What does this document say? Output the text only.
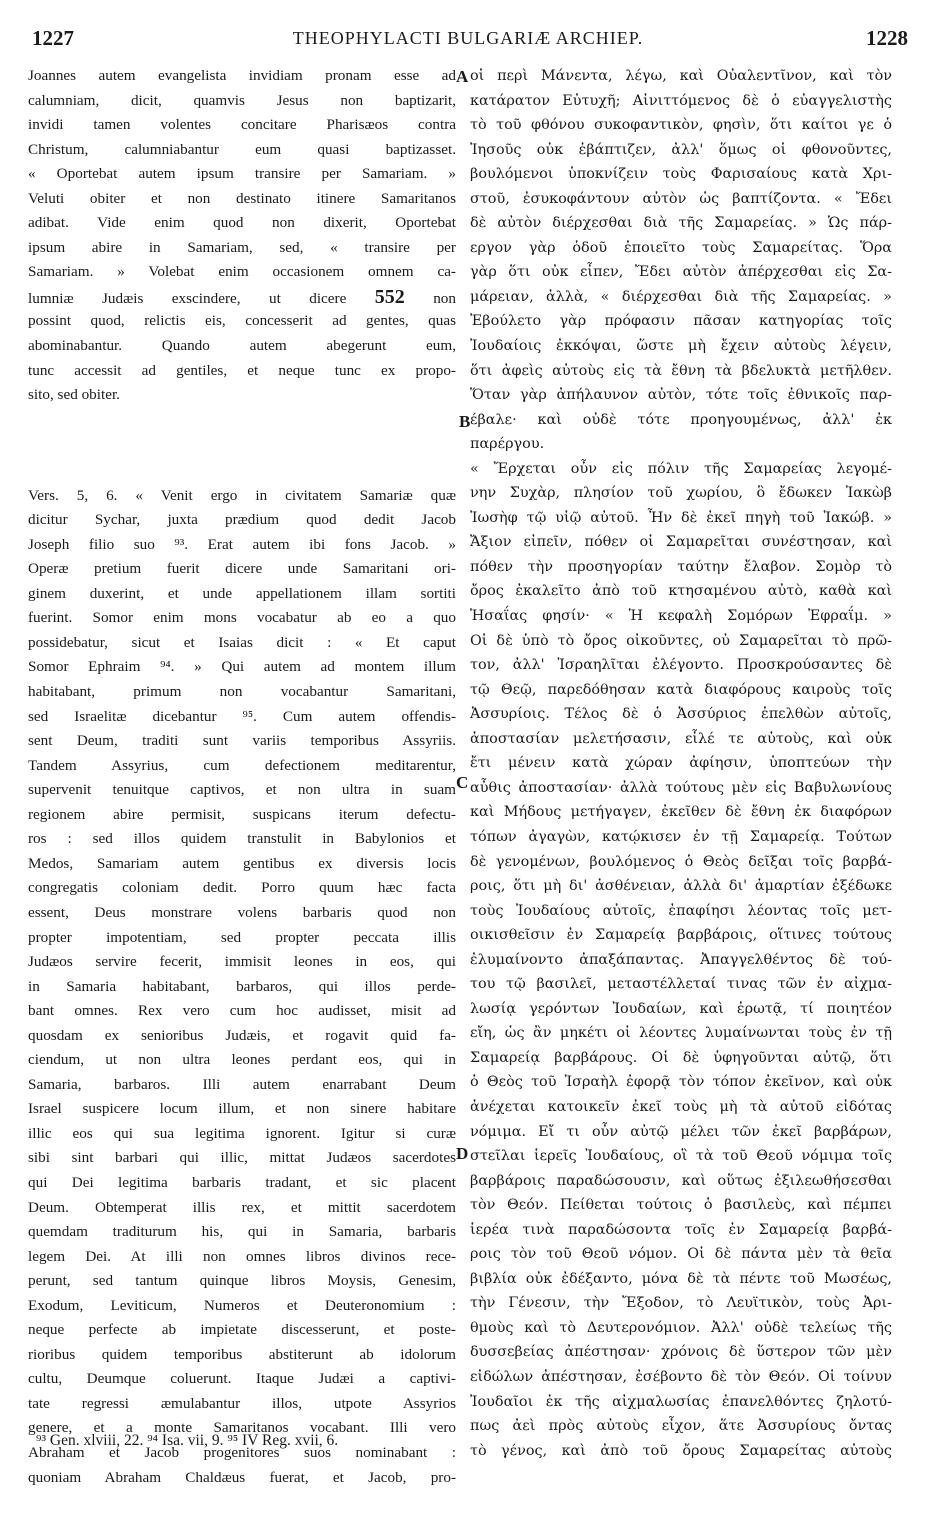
1227	THEOPHYLACTI BULGARIÆ ARCHIEP.	1228
Joannes autem evangelista invidiam pronam esse ad
calumniam, dicit, quamvis Jesus non baptizarit,
invidi tamen volentes concitare Pharisæos contra
Christum, calumniabantur eum quasi baptizasset.
« Oportebat autem ipsum transire per Samariam. »
Veluti obiter et non destinato itinere Samaritanos
adibat. Vide enim quod non dixerit, Oportebat
ipsum abire in Samariam, sed, « transire per
Samariam. » Volebat enim occasionem omnem ca-
lumniæ Judæis exscindere, ut dicere 552 non
possint quod, relictis eis, concesserit ad gentes, quas
abominabantur. Quando autem abegerunt eum,
tunc accessit ad gentiles, et neque tunc ex propo-
sito, sed obiter.
Vers. 5, 6. « Venit ergo in civitatem Samariæ quæ
dicitur Sychar, juxta prædium quod dedit Jacob
Joseph filio suo ⁹³. Erat autem ibi fons Jacob. »
Operæ pretium fuerit dicere unde Samaritani ori-
ginem duxerint, et unde appellationem illam sortiti
fuerint. Somor enim mons vocabatur ab eo a quo
possidebatur, sicut et Isaias dicit : « Et caput
Somor Ephraim ⁹⁴. » Qui autem ad montem illum
habitabant, primum non vocabantur Samaritani,
sed Israelitæ dicebantur ⁹⁵. Cum autem offendis-
sent Deum, traditi sunt variis temporibus Assyriis.
Tandem Assyrius, cum defectionem meditarentur,
supervenit tenuitque captivos, et non ultra in suam
regionem abire permisit, suspicans iterum defectu-
ros : sed illos quidem transtulit in Babylonios et
Medos, Samariam autem gentibus ex diversis locis
congregatis coloniam dedit. Porro quum hæc facta
essent, Deus monstrare volens barbaris quod non
propter impotentiam, sed propter peccata illis
Judæos servire fecerit, immisit leones in eos, qui
in Samaria habitabant, barbaros, qui illos perde-
bant omnes. Rex vero cum hoc audisset, misit ad
quosdam ex senioribus Judæis, et rogavit quid fa-
ciendum, ut non ultra leones perdant eos, qui in
Samaria, barbaros. Illi autem enarrabant Deum
Israel suspicere locum illum, et non sinere habitare
illic eos qui sua legitima ignorent. Igitur si curæ
sibi sint barbari qui illic, mittat Judæos sacerdotes
qui Dei legitima barbaris tradant, et sic placent
Deum. Obtemperat illis rex, et mittit sacerdotem
quemdam traditurum his, qui in Samaria, barbaris
legem Dei. At illi non omnes libros divinos rece-
perunt, sed tantum quinque libros Moysis, Genesim,
Exodum, Leviticum, Numeros et Deuteronomium :
neque perfecte ab impietate discesserunt, et poste-
rioribus quidem temporibus abstiterunt ab idolorum
cultu, Deumque coluerunt. Itaque Judæi a captivi-
tate regressi æmulabantur illos, utpote Assyrios
genere, et a monte Samaritanos vocabant. Illi vero
Abraham et Jacob progenitores suos nominabant :
quoniam Abraham Chaldæus fuerat, et Jacob, pro-
οἱ περὶ Μάνεντα, λέγω, καὶ Οὐαλεντῖνον, καὶ τὸν
κατάρατον Εὐτυχῆ; Αἰνιττόμενος δὲ ὁ εὐαγγελιστὴς
τὸ τοῦ φθόνου συκοφαντικὸν, φησὶν, ὅτι καίτοι γε ὁ
Ἰησοῦς οὐκ ἐβάπτιζεν, ἀλλ' ὅμως οἱ φθονοῦντες,
βουλόμενοι ὑποκνίζειν τοὺς Φαρισαίους κατὰ Χρι-
στοῦ, ἐσυκοφάντουν αὐτὸν ὡς βαπτίζοντα. « Ἔδει
δὲ αὐτὸν διέρχεσθαι διὰ τῆς Σαμαρείας. » Ὡς πάρ-
εργον γὰρ ὁδοῦ ἐποιεῖτο τοὺς Σαμαρείτας. Ὅρα
γὰρ ὅτι οὐκ εἶπεν, Ἔδει αὐτὸν ἀπέρχεσθαι εἰς Σα-
μάρειαν, ἀλλὰ, « διέρχεσθαι διὰ τῆς Σαμαρείας. »
Ἐβούλετο γὰρ πρόφασιν πᾶσαν κατηγορίας τοῖς
Ἰουδαίοις ἐκκόψαι, ὥστε μὴ ἔχειν αὐτοὺς λέγειν,
ὅτι ἀφεὶς αὐτοὺς εἰς τὰ ἔθνη τὰ βδελυκτὰ μετῆλθεν.
Ὅταν γὰρ ἀπήλαυνον αὐτὸν, τότε τοῖς ἐθνικοῖς παρ-
έβαλε· καὶ οὐδὲ τότε προηγουμένως, ἀλλ' ἐκ
παρέργου.
« Ἔρχεται οὖν εἰς πόλιν τῆς Σαμαρείας λεγομέ-
νην Συχὰρ, πλησίον τοῦ χωρίου, ὃ ἔδωκεν Ἰακὼβ
Ἰωσὴφ τῷ υἱῷ αὐτοῦ. Ἦν δὲ ἐκεῖ πηγὴ τοῦ Ἰακώβ. »
Ἄξιον εἰπεῖν, πόθεν οἱ Σαμαρεῖται συνέστησαν, καὶ
πόθεν τὴν προσηγορίαν ταύτην ἔλαβον. Σομὸρ τὸ
ὄρος ἐκαλεῖτο ἀπὸ τοῦ κτησαμένου αὐτὸ, καθὰ καὶ
Ἡσαΐας φησίν· « Ἡ κεφαλὴ Σομόρων Ἐφραΐμ. »
Οἱ δὲ ὑπὸ τὸ ὄρος οἰκοῦντες, οὐ Σαμαρεῖται τὸ πρῶ-
τον, ἀλλ' Ἰσραηλῖται ἐλέγοντο. Προσκρούσαντες δὲ
τῷ Θεῷ, παρεδόθησαν κατὰ διαφόρους καιροὺς τοῖς
Ἀσσυρίοις. Τέλος δὲ ὁ Ἀσσύριος ἐπελθὼν αὐτοῖς,
ἀποστασίαν μελετήσασιν, εἷλέ τε αὐτοὺς, καὶ οὐκ
ἔτι μένειν κατὰ χώραν ἀφίησιν, ὑποπτεύων τὴν
αὖθις ἀποστασίαν· ἀλλὰ τούτους μὲν εἰς Βαβυλωνίους
καὶ Μήδους μετήγαγεν, ἐκεῖθεν δὲ ἔθνη ἐκ διαφόρων
τόπων ἀγαγὼν, κατῴκισεν ἐν τῇ Σαμαρείᾳ. Τούτων
δὲ γενομένων, βουλόμενος ὁ Θεὸς δεῖξαι τοῖς βαρβά-
ροις, ὅτι μὴ δι' ἀσθένειαν, ἀλλὰ δι' ἁμαρτίαν ἐξέδωκε
τοὺς Ἰουδαίους αὐτοῖς, ἐπαφίησι λέοντας τοῖς μετ-
οικισθεῖσιν ἐν Σαμαρείᾳ βαρβάροις, οἵτινες τούτους
ἐλυμαίνοντο ἀπαξάπαντας. Ἀπαγγελθέντος δὲ τού-
του τῷ βασιλεῖ, μεταστέλλεταί τινας τῶν ἐν αἰχμα-
λωσίᾳ γερόντων Ἰουδαίων, καὶ ἐρωτᾷ, τί ποιητέον
εἴη, ὡς ἂν μηκέτι οἱ λέοντες λυμαίνωνται τοὺς ἐν τῇ
Σαμαρείᾳ βαρβάρους. Οἱ δὲ ὑφηγοῦνται αὐτῷ, ὅτι
ὁ Θεὸς τοῦ Ἰσραὴλ ἐφορᾷ τὸν τόπον ἐκεῖνον, καὶ οὐκ
ἀνέχεται κατοικεῖν ἐκεῖ τοὺς μὴ τὰ αὐτοῦ εἰδότας
νόμιμα. Εἴ τι οὖν αὐτῷ μέλει τῶν ἐκεῖ βαρβάρων,
στεῖλαι ἱερεῖς Ἰουδαίους, οἳ τὰ τοῦ Θεοῦ νόμιμα τοῖς
βαρβάροις παραδώσουσιν, καὶ οὕτως ἐξιλεωθήσεσθαι
τὸν Θεόν. Πείθεται τούτοις ὁ βασιλεὺς, καὶ πέμπει
ἱερέα τινὰ παραδώσοντα τοῖς ἐν Σαμαρείᾳ βαρβά-
ροις τὸν τοῦ Θεοῦ νόμον. Οἱ δὲ πάντα μὲν τὰ θεῖα
βιβλία οὐκ ἐδέξαντο, μόνα δὲ τὰ πέντε τοῦ Μωσέως,
τὴν Γένεσιν, τὴν Ἔξοδον, τὸ Λευϊτικὸν, τοὺς Ἀρι-
θμοὺς καὶ τὸ Δευτερονόμιον. Ἀλλ' οὐδὲ τελείως τῆς
δυσσεβείας ἀπέστησαν· χρόνοις δὲ ὕστερον τῶν μὲν
εἰδώλων ἀπέστησαν, ἐσέβοντο δὲ τὸν Θεόν. Οἱ τοίνυν
Ἰουδαῖοι ἐκ τῆς αἰχμαλωσίας ἐπανελθόντες ζηλοτύ-
πως ἀεὶ πρὸς αὐτοὺς εἶχον, ἅτε Ἀσσυρίους ὄντας
τὸ γένος, καὶ ἀπὸ τοῦ ὄρους Σαμαρείτας αὐτοὺς
A
B
C
D
⁹³ Gen. xlviii, 22. ⁹⁴ Isa. vii, 9. ⁹⁵ IV Reg. xvii, 6.
